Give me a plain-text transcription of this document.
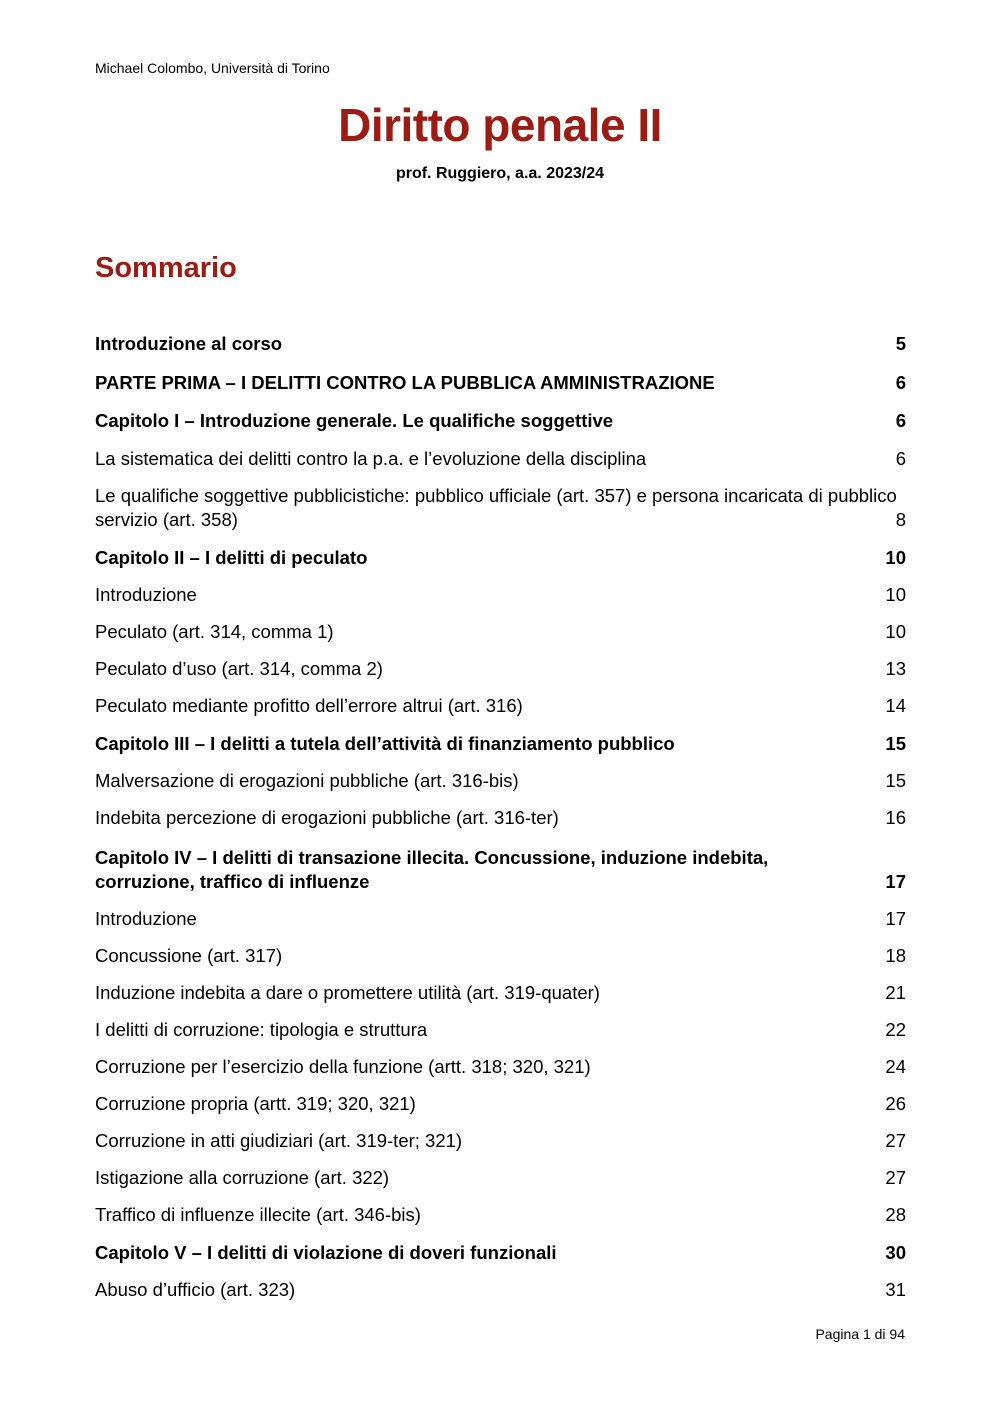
Michael Colombo, Università di Torino
Diritto penale II
prof. Ruggiero, a.a. 2023/24
Sommario
Introduzione al corso	5
PARTE PRIMA – I DELITTI CONTRO LA PUBBLICA AMMINISTRAZIONE	6
Capitolo I – Introduzione generale. Le qualifiche soggettive	6
La sistematica dei delitti contro la p.a. e l’evoluzione della disciplina	6
Le qualifiche soggettive pubblicistiche: pubblico ufficiale (art. 357) e persona incaricata di pubblico servizio (art. 358)	8
Capitolo II – I delitti di peculato	10
Introduzione	10
Peculato (art. 314, comma 1)	10
Peculato d’uso (art. 314, comma 2)	13
Peculato mediante profitto dell’errore altrui (art. 316)	14
Capitolo III – I delitti a tutela dell’attività di finanziamento pubblico	15
Malversazione di erogazioni pubbliche (art. 316-bis)	15
Indebita percezione di erogazioni pubbliche (art. 316-ter)	16
Capitolo IV – I delitti di transazione illecita. Concussione, induzione indebita, corruzione, traffico di influenze	17
Introduzione	17
Concussione (art. 317)	18
Induzione indebita a dare o promettere utilità (art. 319-quater)	21
I delitti di corruzione: tipologia e struttura	22
Corruzione per l’esercizio della funzione (artt. 318; 320, 321)	24
Corruzione propria (artt. 319; 320, 321)	26
Corruzione in atti giudiziari (art. 319-ter; 321)	27
Istigazione alla corruzione (art. 322)	27
Traffico di influenze illecite (art. 346-bis)	28
Capitolo V – I delitti di violazione di doveri funzionali	30
Abuso d’ufficio (art. 323)	31
Pagina 1 di 94
